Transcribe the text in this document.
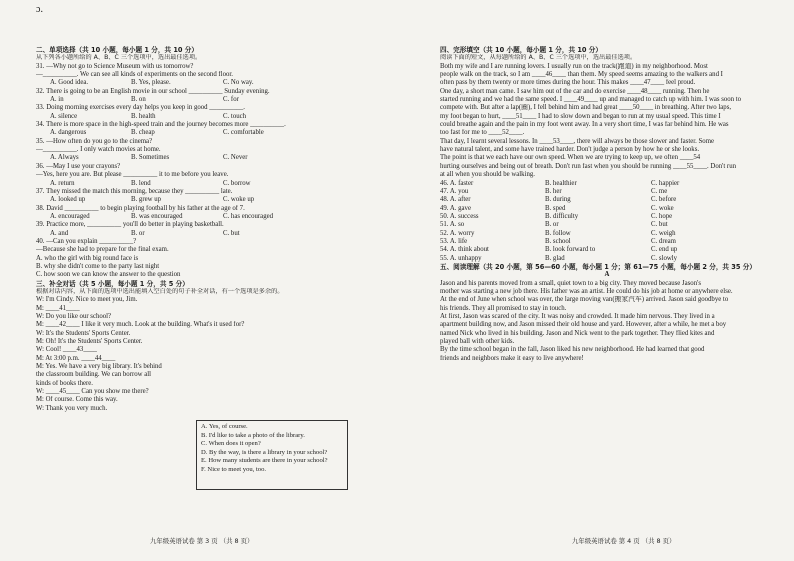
ɔ.
二、单项选择（共 10 小题，每小题 1 分，共 10 分）
从下列各小题所给的 A、B、C 三个选项中，选出最佳选项。
31. —Why not go to Science Museum with us tomorrow?
—__________. We can see all kinds of experiments on the second floor.
A. Good idea.	B. Yes, please.	C. No way.
32. There is going to be an English movie in our school __________ Sunday evening.
A. in	B. on	C. for
33. Doing morning exercises every day helps you keep in good __________.
A. silence	B. health	C. touch
34. There is more space in the high-speed train and the journey becomes more __________.
A. dangerous	B. cheap	C. comfortable
35. —How often do you go to the cinema?
—__________. I only watch movies at home.
A. Always	B. Sometimes	C. Never
36. —May I use your crayons?
—Yes, here you are. But please __________ it to me before you leave.
A. return	B. lend	C. borrow
37. They missed the match this morning, because they __________ late.
A. looked up	B. grew up	C. woke up
38. David __________ to begin playing football by his father at the age of 7.
A. encouraged	B. was encouraged	C. has encouraged
39. Practice more, __________ you'll do better in playing basketball.
A. and	B. or	C. but
40. —Can you explain __________?
—Because she had to prepare for the final exam.
A. who the girl with big round face is
B. why she didn't come to the party last night
C. how soon we can know the answer to the question
三、补全对话（共 5 小题，每小题 1 分，共 5 分）
根据对话内容，从下面的选项中选出能填入空白处的句子补全对话，有一个选项是多余的。
W: I'm Cindy. Nice to meet you, Jim.
M: ____41____
W: Do you like our school?
M: ____42____ I like it very much. Look at the building. What's it used for?
W: It's the Students' Sports Center.
M: Oh! It's the Students' Sports Center.
W: Cool! ____43____
M: At 3:00 p.m. ____44____
M: Yes. We have a very big library. It's behind
the classroom building. We can borrow all
kinds of books there.
W: ____45____ Can you show me there?
M: Of course. Come this way.
W: Thank you very much.
A. Yes, of course.
B. I'd like to take a photo of the library.
C. When does it open?
D. By the way, is there a library in your school?
E. How many students are there in your school?
F. Nice to meet you, too.
九年级英语试卷 第 3 页 （共 8 页）
四、完形填空（共 10 小题，每小题 1 分，共 10 分）
阅读下面的短文，从每题所给的 A、B、C 三个选项中，选出最佳选项。
Both my wife and I are running lovers. I usually run on the track(跑道) in my neighborhood. Most
people walk on the track, so I am ____46____ than them. My speed seems amazing to the walkers and I
often pass by them twenty or more times during the hour. This makes ____47____ feel proud.
One day, a short man came. I saw him out of the car and do exercise ____48____ running. Then he
started running and we had the same speed. I ____49____ up and managed to catch up with him. I was soon to
compete with. But after a lap(圈), I fell behind him and had great ____50____ in breathing. After two laps,
my foot began to hurt, ____51____ I had to slow down and began to run at my usual speed. This time I
could breathe again and the pain in my foot went away. In a very short time, I was far behind him. He was
too fast for me to ____52____.
That day, I learnt several lessons. In ____53____, there will always be those slower and faster. Some
have natural talent, and some have trained harder. Don't judge a person by how he or she looks.
The point is that we each have our own speed. When we are trying to keep up, we often ____54
hurting ourselves and being out of breath. Don't run fast when you should be running ____55____. Don't run
at all when you should be walking.
46. A. faster	B. healthier	C. happier
47. A. you	B. her	C. me
48. A. after	B. during	C. before
49. A. gave	B. sped	C. woke
50. A. success	B. difficulty	C. hope
51. A. so	B. or	C. but
52. A. worry	B. follow	C. weigh
53. A. life	B. school	C. dream
54. A. think about	B. look forward to	C. end up
55. A. unhappy	B. glad	C. slowly
五、阅读理解（共 20 小题，第 56—60 小题，每小题 1 分；第 61—75 小题，每小题 2 分，共 35 分）
A
Jason and his parents moved from a small, quiet town to a big city. They moved because Jason's
mother was starting a new job there. His father was an artist. He could do his job at home or anywhere else.
At the end of June when school was over, the large moving van(搬家汽车) arrived. Jason said goodbye to
his friends. They all promised to stay in touch.
At first, Jason was scared of the city. It was noisy and crowded. It made him nervous. They lived in a
apartment building now, and Jason missed their old house and yard. However, after a while, he met a boy
named Nick who lived in his building. Jason and Nick went to the park together. They flied kites and
played ball with other kids.
By the time school began in the fall, Jason liked his new neighborhood. He had learned that good
friends and neighbors make it easy to live anywhere!
九年级英语试卷 第 4 页 （共 8 页）
